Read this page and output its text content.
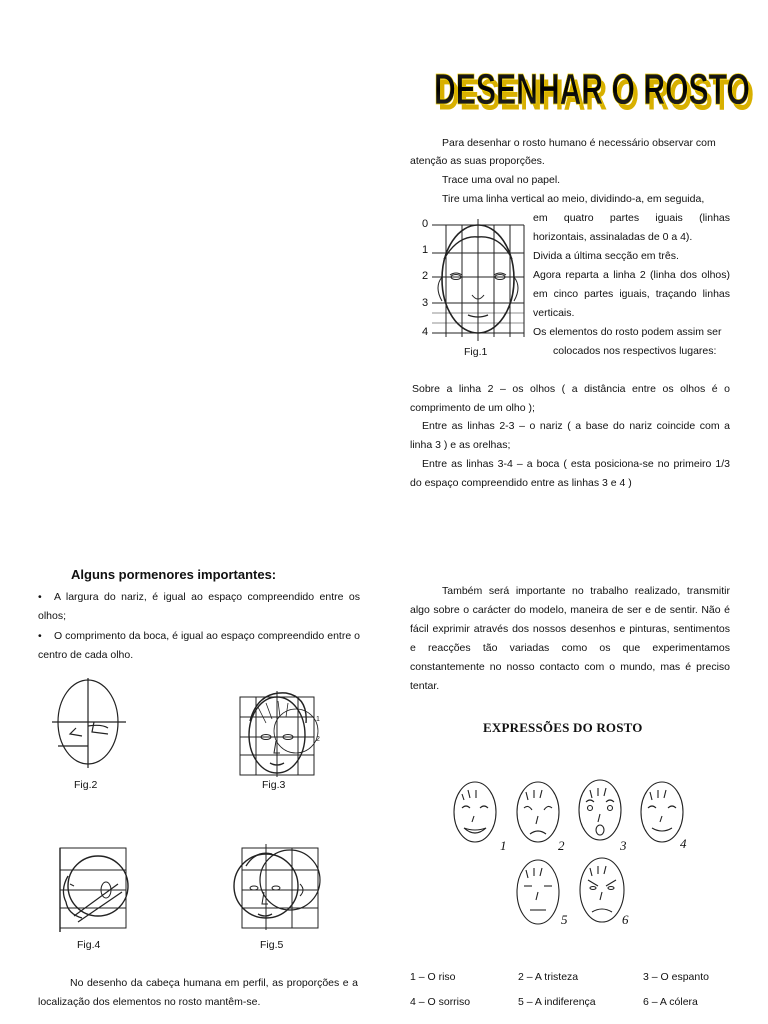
DESENHAR O ROSTO
DESENHAR O ROSTO
Para desenhar o rosto humano é necessário observar com
atenção as suas proporções.
Trace uma oval no papel.
Tire uma linha vertical ao meio, dividindo-a, em seguida,
em quatro partes iguais (linhas horizontais, assinaladas de 0 a 4).
Divida a última secção em três.
Agora reparta a linha 2 (linha dos olhos) em cinco partes iguais, traçando linhas verticais.
Os elementos do rosto podem assim ser
colocados nos respectivos lugares:
0
1
2
3
4
Fig.1
Sobre a linha 2 – os olhos ( a distância entre os olhos é o comprimento de um olho );
Entre as linhas 2-3 – o nariz ( a base do nariz coincide com a linha 3 ) e as orelhas;
Entre as linhas 3-4 – a boca ( esta posiciona-se no primeiro 1/3 do espaço compreendido entre as linhas 3 e 4 )
Alguns pormenores importantes:
•	A largura do nariz, é igual ao espaço compreendido entre os olhos;
•	O comprimento da boca, é igual ao espaço compreendido entre o centro de cada olho.
Fig.2
1
2
Fig.3
Fig.4	Fig.5
No desenho da cabeça humana em perfil, as proporções e a localização dos elementos no rosto mantêm-se.
Também será importante no trabalho realizado, transmitir algo sobre o carácter do modelo, maneira de ser e de sentir. Não é fácil exprimir através dos nossos desenhos e pinturas, sentimentos e reacções tão variadas como os que experimentamos constantemente no nosso contacto com o mundo, mas é preciso tentar.
EXPRESSÕES DO ROSTO
1	2	3	4
5	6
1 – O riso	2 – A tristeza	3 – O espanto
4 – O sorriso	5 – A indiferença	6 – A cólera
